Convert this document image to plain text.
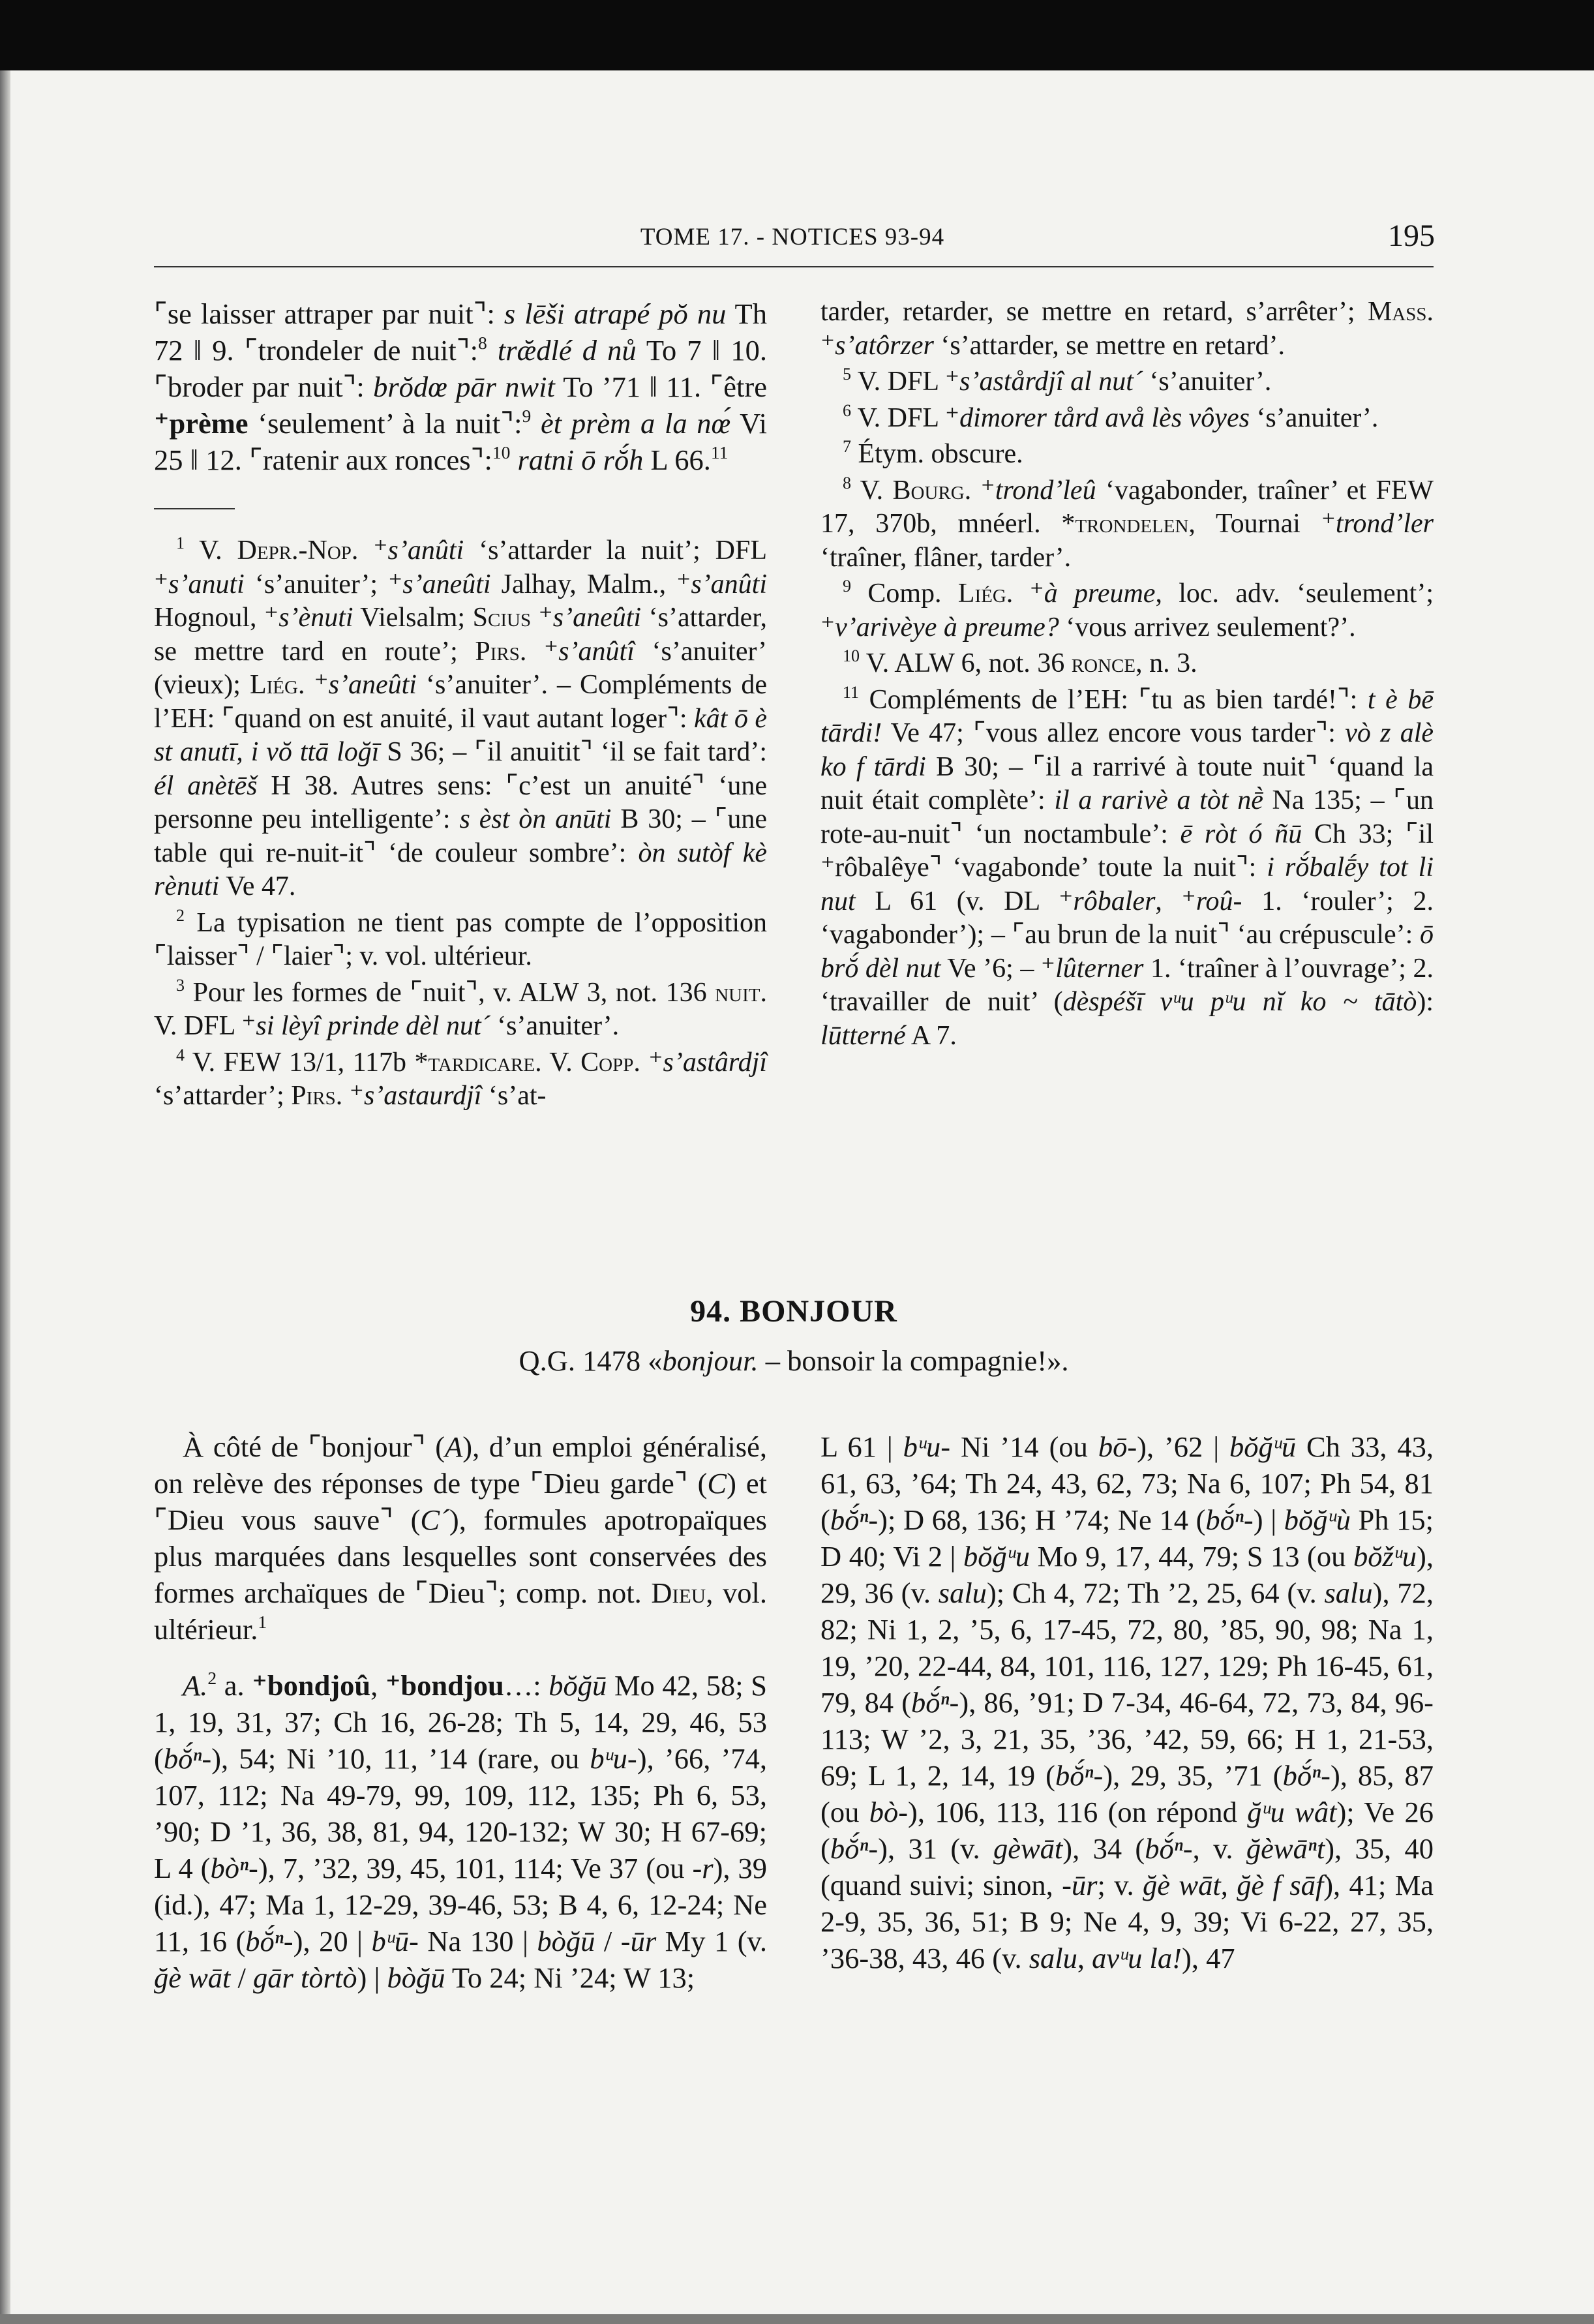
TOME 17. - NOTICES 93-94	195

⌜se laisser attraper par nuit⌝: s lēši atrapé pŏ nu Th 72 ‖ 9. ⌜trondeler de nuit⌝:$^8$ træ̆dlé d nů To 7 ‖ 10. ⌜broder par nuit⌝: brŏdœ pār nwit To ’71 ‖ 11. ⌜être ⁺prème ‘seulement’ à la nuit⌝:$^9$ èt prèm a la nœ́ Vi 25 ‖ 12. ⌜ratenir aux ronces⌝:$^{10}$ ratni ō rŏ́h L 66.11

$^1$ V. Depr.-Nop. ⁺s’anûti ‘s’attarder la nuit’; DFL ⁺s’anuti ‘s’anuiter’; ⁺s’aneûti Jalhay, Malm., ⁺s’anûti Hognoul, ⁺s’ènuti Vielsalm; Scius ⁺s’aneûti ‘s’attarder, se mettre tard en route’; Pirs. ⁺s’anûtî ‘s’anuiter’ (vieux); Liég. ⁺s’aneûti ‘s’anuiter’. – Compléments de l’EH: ⌜quand on est anuité, il vaut autant loger⌝: kât ō è st anutī, i vŏ ttā loğī S 36; – ⌜il anuitit⌝ ‘il se fait tard’: él anètēš H 38. Autres sens: ⌜c’est un anuité⌝ ‘une personne peu intelligente’: s èst òn anūti B 30; – ⌜une table qui re-nuit-it⌝ ‘de couleur sombre’: òn sutòf kè rènuti Ve 47.

$^2$ La typisation ne tient pas compte de l’opposition ⌜laisser⌝ / ⌜laier⌝; v. vol. ultérieur.

$^3$ Pour les formes de ⌜nuit⌝, v. ALW 3, not. 136 nuit. V. DFL ⁺si lèyî prinde dèl nut´ ‘s’anuiter’.

$^4$ V. FEW 13/1, 117b *tardicare. V. Copp. ⁺s’astârdjî ‘s’attarder’; Pirs. ⁺s’astaurdjî ‘s’at-

tarder, retarder, se mettre en retard, s’arrêter’; Mass. ⁺s’atôrzer ‘s’attarder, se mettre en retard’.

$^5$ V. DFL ⁺s’astårdjî al nut´ ‘s’anuiter’.

$^6$ V. DFL ⁺dimorer tård avå lès vôyes ‘s’anuiter’.

$^7$ Étym. obscure.

$^8$ V. Bourg. ⁺trond’leû ‘vagabonder, traîner’ et FEW 17, 370b, mnéerl. *trondelen, Tournai ⁺trond’ler ‘traîner, flâner, tarder’.

$^9$ Comp. Liég. ⁺à preume, loc. adv. ‘seulement’; ⁺v’arivèye à preume? ‘vous arrivez seulement?’.

$^{10}$ V. ALW 6, not. 36 ronce, n. 3.

$^{11}$ Compléments de l’EH: ⌜tu as bien tardé!⌝: t è bē tārdi! Ve 47; ⌜vous allez encore vous tarder⌝: vò z alè ko f tārdi B 30; – ⌜il a rarrivé à toute nuit⌝ ‘quand la nuit était complète’: il a rarivè a tòt nḕ Na 135; – ⌜un rote-au-nuit⌝ ‘un noctambule’: ē ròt ó ñū Ch 33; ⌜il ⁺rôbalêye⌝ ‘vagabonde’ toute la nuit⌝: i rŏ́balḗy tot li nut L 61 (v. DL ⁺rôbaler, ⁺roû- 1. ‘rouler’; 2. ‘vagabonder’); – ⌜au brun de la nuit⌝ ‘au crépuscule’: ō brŏ́ dèl nut Ve ’6; – ⁺lûterner 1. ‘traîner à l’ouvrage’; 2. ‘travailler de nuit’ (dèspéšī vᵘu pᵘu nĭ ko ~ tātò): lūtterné A 7.

94. BONJOUR
Q.G. 1478 «bonjour. – bonsoir la compagnie!».

À côté de ⌜bonjour⌝ (A), d’un emploi généralisé, on relève des réponses de type ⌜Dieu garde⌝ (C) et ⌜Dieu vous sauve⌝ (C´), formules apotropaïques plus marquées dans lesquelles sont conservées des formes archaïques de ⌜Dieu⌝; comp. not. Dieu, vol. ultérieur.$^1$

A.$^2$ a. ⁺bondjoû, ⁺bondjou…: bŏğū Mo 42, 58; S 1, 19, 31, 37; Ch 16, 26-28; Th 5, 14, 29, 46, 53 (bŏ́ⁿ-), 54; Ni ’10, 11, ’14 (rare, ou bᵘu-), ’66, ’74, 107, 112; Na 49-79, 99, 109, 112, 135; Ph 6, 53, ’90; D ’1, 36, 38, 81, 94, 120-132; W 30; H 67-69; L 4 (bòⁿ-), 7, ’32, 39, 45, 101, 114; Ve 37 (ou -r), 39 (id.), 47; Ma 1, 12-29, 39-46, 53; B 4, 6, 12-24; Ne 11, 16 (bŏ́ⁿ-), 20 | bᵘū- Na 130 | bòğū / -ūr My 1 (v. ğè wāt / gār tòrtò) | bòğū To 24; Ni ’24; W 13;

L 61 | bᵘu- Ni ’14 (ou bō-), ’62 | bŏğᵘū Ch 33, 43, 61, 63, ’64; Th 24, 43, 62, 73; Na 6, 107; Ph 54, 81 (bŏ́ⁿ-); D 68, 136; H ’74; Ne 14 (bŏ́ⁿ-) | bŏğᵘù Ph 15; D 40; Vi 2 | bŏğᵘu Mo 9, 17, 44, 79; S 13 (ou bŏžᵘu), 29, 36 (v. salu); Ch 4, 72; Th ’2, 25, 64 (v. salu), 72, 82; Ni 1, 2, ’5, 6, 17-45, 72, 80, ’85, 90, 98; Na 1, 19, ’20, 22-44, 84, 101, 116, 127, 129; Ph 16-45, 61, 79, 84 (bŏ́ⁿ-), 86, ’91; D 7-34, 46-64, 72, 73, 84, 96-113; W ’2, 3, 21, 35, ’36, ’42, 59, 66; H 1, 21-53, 69; L 1, 2, 14, 19 (bŏ́ⁿ-), 29, 35, ’71 (bŏ́ⁿ-), 85, 87 (ou bò-), 106, 113, 116 (on répond ğᵘu wât); Ve 26 (bŏ́ⁿ-), 31 (v. gèwāt), 34 (bŏ́ⁿ-, v. ğèwāⁿt), 35, 40 (quand suivi; sinon, -ūr; v. ğè wāt, ğè f sāf), 41; Ma 2-9, 35, 36, 51; B 9; Ne 4, 9, 39; Vi 6-22, 27, 35, ’36-38, 43, 46 (v. salu, avᵘu la!), 47
